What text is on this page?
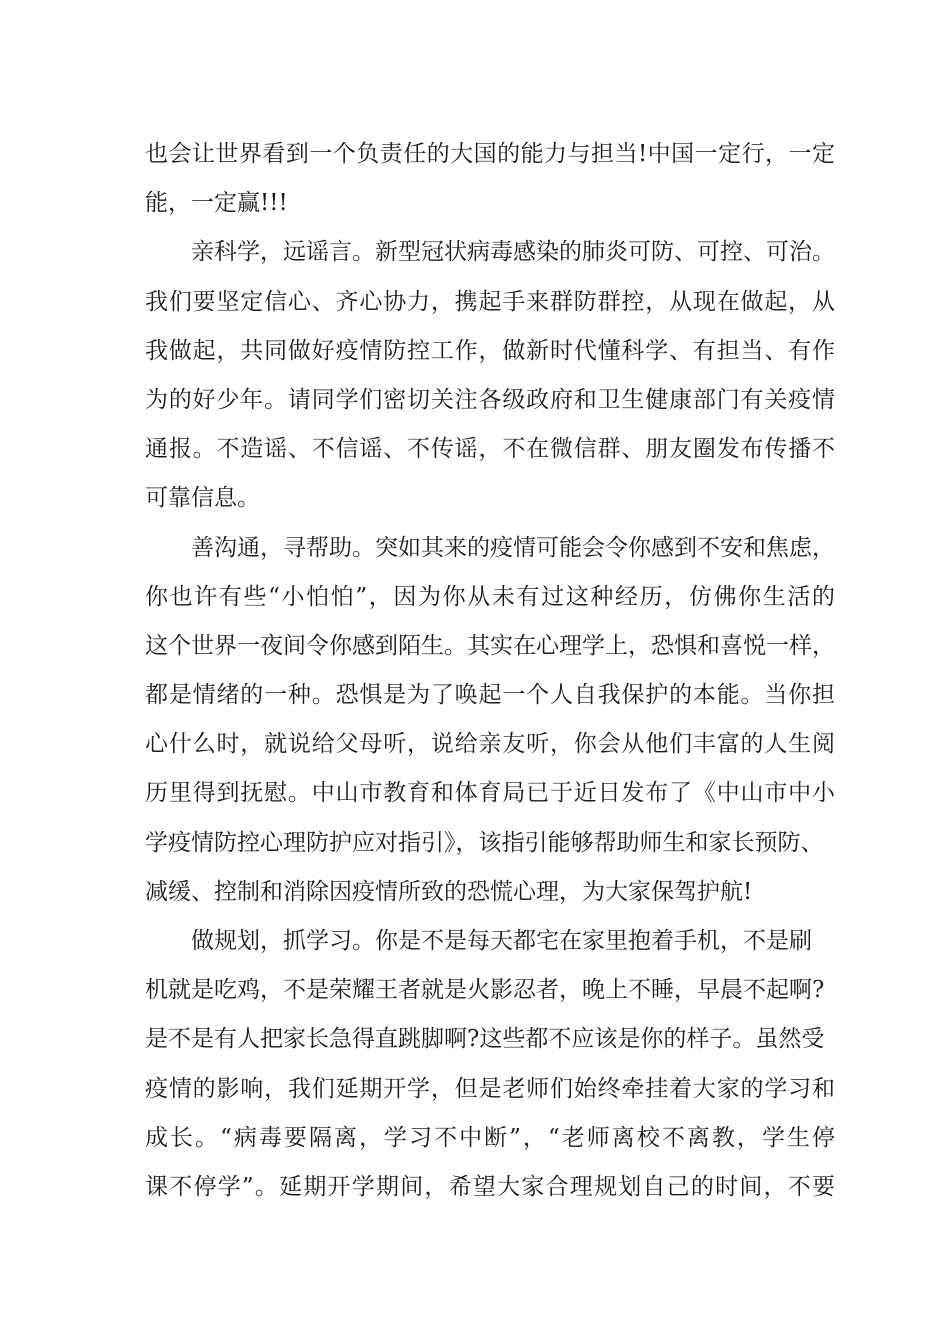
也会让世界看到一个负责任的大国的能力与担当!中国一定行，一定
能，一定赢!!!
亲科学，远谣言。新型冠状病毒感染的肺炎可防、可控、可治。
我们要坚定信心、齐心协力，携起手来群防群控，从现在做起，从
我做起，共同做好疫情防控工作，做新时代懂科学、有担当、有作
为的好少年。请同学们密切关注各级政府和卫生健康部门有关疫情
通报。不造谣、不信谣、不传谣，不在微信群、朋友圈发布传播不
可靠信息。
善沟通，寻帮助。突如其来的疫情可能会令你感到不安和焦虑，
你也许有些“小怕怕”，因为你从未有过这种经历，仿佛你生活的
这个世界一夜间令你感到陌生。其实在心理学上，恐惧和喜悦一样，
都是情绪的一种。恐惧是为了唤起一个人自我保护的本能。当你担
心什么时，就说给父母听，说给亲友听，你会从他们丰富的人生阅
历里得到抚慰。中山市教育和体育局已于近日发布了《中山市中小
学疫情防控心理防护应对指引》，该指引能够帮助师生和家长预防、
减缓、控制和消除因疫情所致的恐慌心理，为大家保驾护航!
做规划，抓学习。你是不是每天都宅在家里抱着手机，不是刷
机就是吃鸡，不是荣耀王者就是火影忍者，晚上不睡，早晨不起啊?
是不是有人把家长急得直跳脚啊?这些都不应该是你的样子。虽然受
疫情的影响，我们延期开学，但是老师们始终牵挂着大家的学习和
成长。“病毒要隔离，学习不中断”，“老师离校不离教，学生停
课不停学”。延期开学期间，希望大家合理规划自己的时间，不要
